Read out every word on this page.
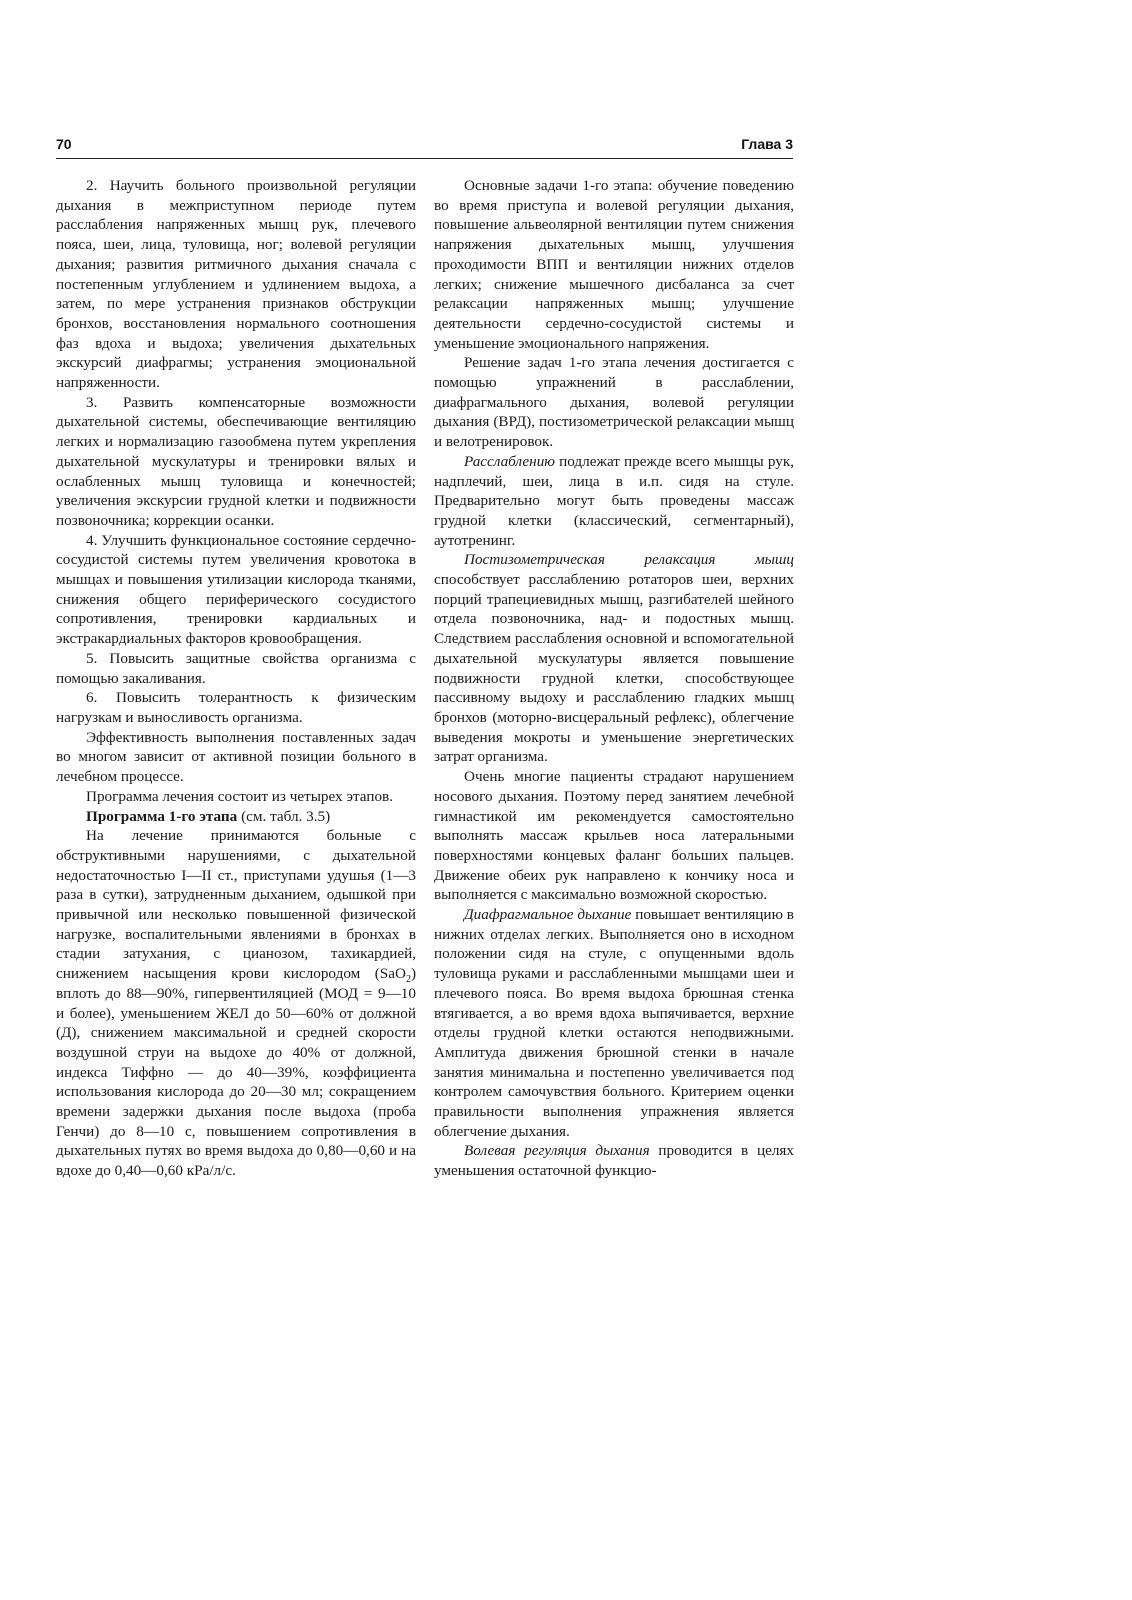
70	Глава 3

2. Научить больного произвольной регуляции дыхания в межприступном периоде путем расслабления напряженных мышц рук, плечевого пояса, шеи, лица, туловища, ног; волевой регуляции дыхания; развития ритмичного дыхания сначала с постепенным углублением и удлинением выдоха, а затем, по мере устранения признаков обструкции бронхов, восстановления нормального соотношения фаз вдоха и выдоха; увеличения дыхательных экскурсий диафрагмы; устранения эмоциональной напряженности.

3. Развить компенсаторные возможности дыхательной системы, обеспечивающие вентиляцию легких и нормализацию газообмена путем укрепления дыхательной мускулатуры и тренировки вялых и ослабленных мышц туловища и конечностей; увеличения экскурсии грудной клетки и подвижности позвоночника; коррекции осанки.

4. Улучшить функциональное состояние сердечно-сосудистой системы путем увеличения кровотока в мышцах и повышения утилизации кислорода тканями, снижения общего периферического сосудистого сопротивления, тренировки кардиальных и экстракардиальных факторов кровообращения.

5. Повысить защитные свойства организма с помощью закаливания.

6. Повысить толерантность к физическим нагрузкам и выносливость организма.

Эффективность выполнения поставленных задач во многом зависит от активной позиции больного в лечебном процессе.

Программа лечения состоит из четырех этапов.

Программа 1-го этапа (см. табл. 3.5)

На лечение принимаются больные с обструктивными нарушениями, с дыхательной недостаточностью I—II ст., приступами удушья (1—3 раза в сутки), затрудненным дыханием, одышкой при привычной или несколько повышенной физической нагрузке, воспалительными явлениями в бронхах в стадии затухания, с цианозом, тахикардией, снижением насыщения крови кислородом (SaO$_2$) вплоть до 88—90%, гипервентиляцией (МОД = 9—10 и более), уменьшением ЖЕЛ до 50—60% от должной (Д), снижением максимальной и средней скорости воздушной струи на выдохе до 40% от должной, индекса Тиффно — до 40—39%, коэффициента использования кислорода до 20—30 мл; сокращением времени задержки дыхания после выдоха (проба Генчи) до 8—10 с, повышением сопротивления в дыхательных путях во время выдоха до 0,80—0,60 и на вдохе до 0,40—0,60 кРа/л/с.

Основные задачи 1-го этапа: обучение поведению во время приступа и волевой регуляции дыхания, повышение альвеолярной вентиляции путем снижения напряжения дыхательных мышц, улучшения проходимости ВПП и вентиляции нижних отделов легких; снижение мышечного дисбаланса за счет релаксации напряженных мышц; улучшение деятельности сердечно-сосудистой системы и уменьшение эмоционального напряжения.

Решение задач 1-го этапа лечения достигается с помощью упражнений в расслаблении, диафрагмального дыхания, волевой регуляции дыхания (ВРД), постизометрической релаксации мышц и велотренировок.

Расслаблению подлежат прежде всего мышцы рук, надплечий, шеи, лица в и.п. сидя на стуле. Предварительно могут быть проведены массаж грудной клетки (классический, сегментарный), аутотренинг.

Постизометрическая релаксация мышц способствует расслаблению ротаторов шеи, верхних порций трапециевидных мышц, разгибателей шейного отдела позвоночника, над- и подостных мышц. Следствием расслабления основной и вспомогательной дыхательной мускулатуры является повышение подвижности грудной клетки, способствующее пассивному выдоху и расслаблению гладких мышц бронхов (моторно-висцеральный рефлекс), облегчение выведения мокроты и уменьшение энергетических затрат организма.

Очень многие пациенты страдают нарушением носового дыхания. Поэтому перед занятием лечебной гимнастикой им рекомендуется самостоятельно выполнять массаж крыльев носа латеральными поверхностями концевых фаланг больших пальцев. Движение обеих рук направлено к кончику носа и выполняется с максимально возможной скоростью.

Диафрагмальное дыхание повышает вентиляцию в нижних отделах легких. Выполняется оно в исходном положении сидя на стуле, с опущенными вдоль туловища руками и расслабленными мышцами шеи и плечевого пояса. Во время выдоха брюшная стенка втягивается, а во время вдоха выпячивается, верхние отделы грудной клетки остаются неподвижными. Амплитуда движения брюшной стенки в начале занятия минимальна и постепенно увеличивается под контролем самочувствия больного. Критерием оценки правильности выполнения упражнения является облегчение дыхания.

Волевая регуляция дыхания проводится в целях уменьшения остаточной функцио-
